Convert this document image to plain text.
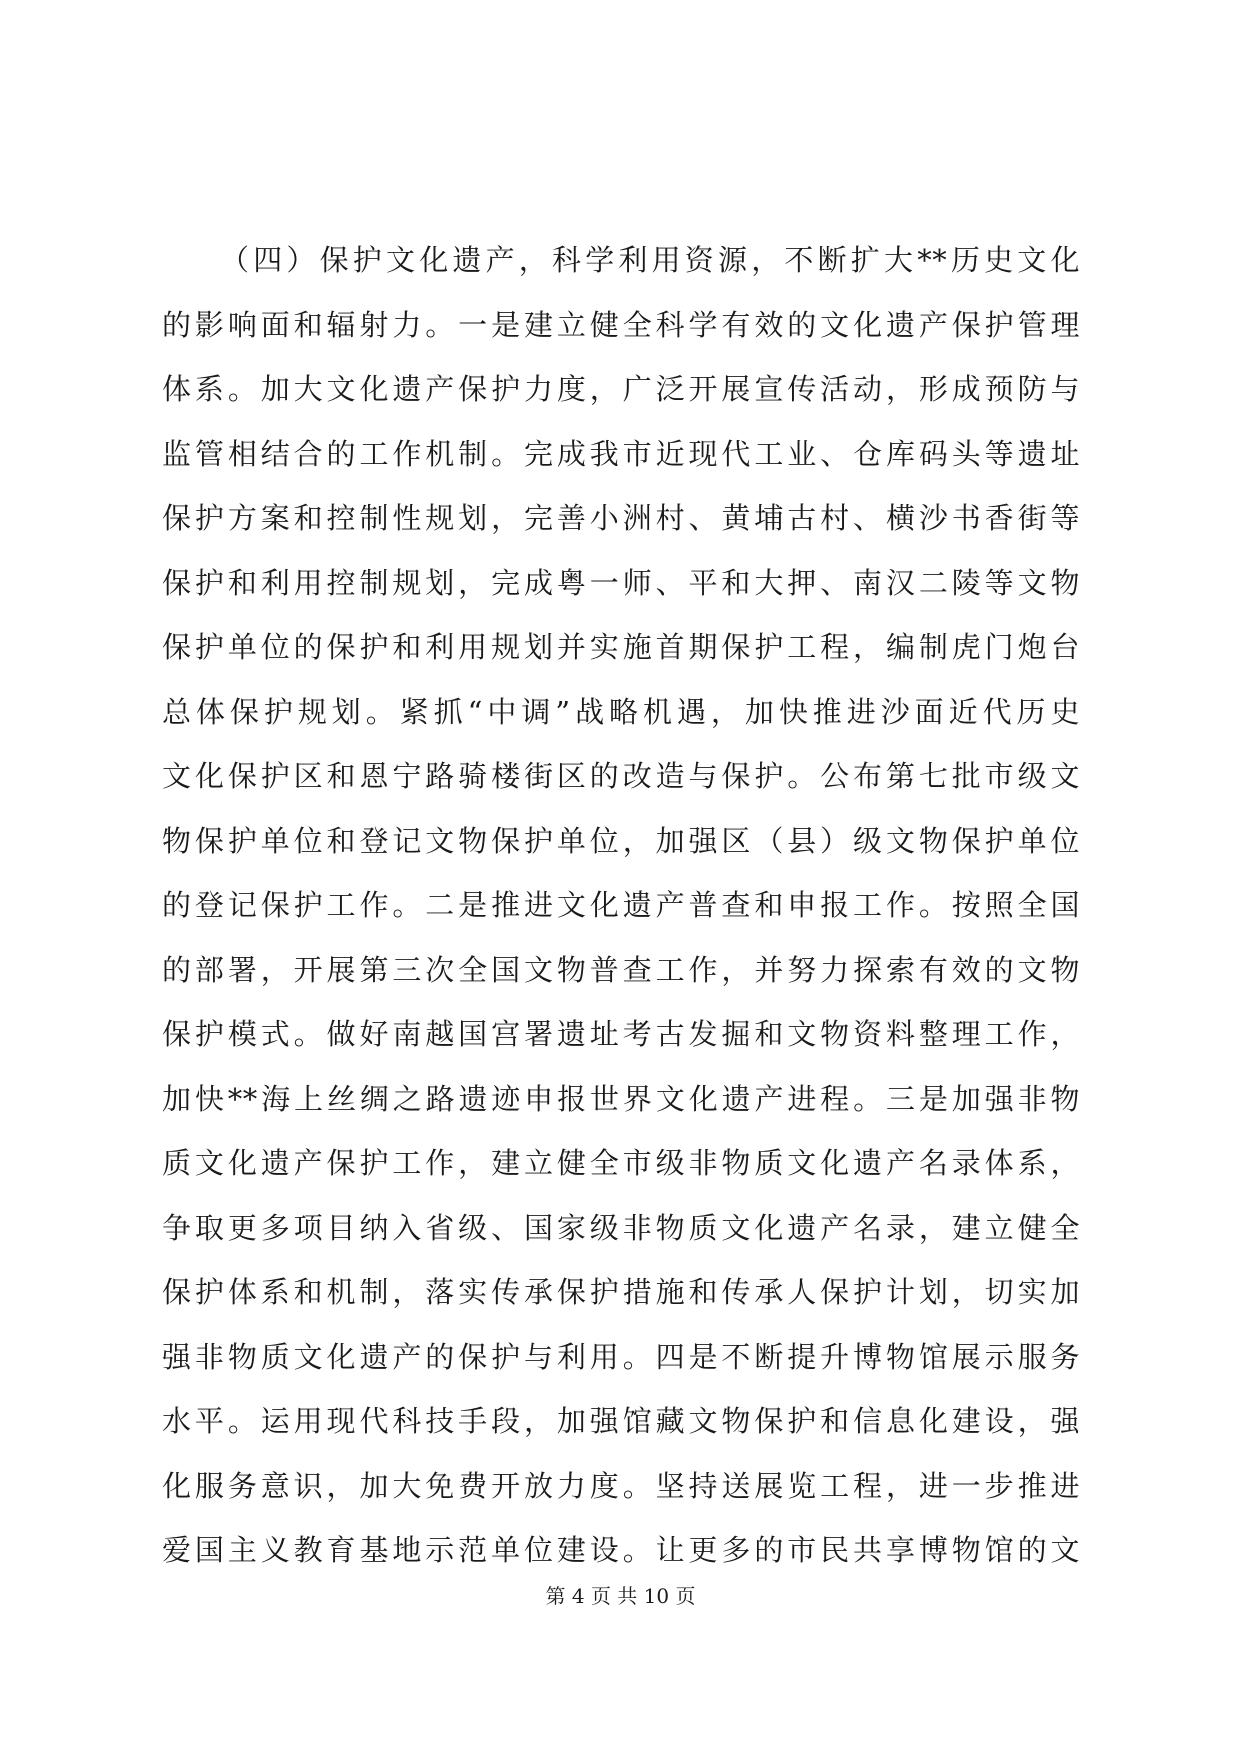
（四）保护文化遗产，科学利用资源，不断扩大**历史文化
的影响面和辐射力。一是建立健全科学有效的文化遗产保护管理
体系。加大文化遗产保护力度，广泛开展宣传活动，形成预防与
监管相结合的工作机制。完成我市近现代工业、仓库码头等遗址
保护方案和控制性规划，完善小洲村、黄埔古村、横沙书香街等
保护和利用控制规划，完成粤一师、平和大押、南汉二陵等文物
保护单位的保护和利用规划并实施首期保护工程，编制虎门炮台
总体保护规划。紧抓“中调”战略机遇，加快推进沙面近代历史
文化保护区和恩宁路骑楼街区的改造与保护。公布第七批市级文
物保护单位和登记文物保护单位，加强区（县）级文物保护单位
的登记保护工作。二是推进文化遗产普查和申报工作。按照全国
的部署，开展第三次全国文物普查工作，并努力探索有效的文物
保护模式。做好南越国宫署遗址考古发掘和文物资料整理工作，
加快**海上丝绸之路遗迹申报世界文化遗产进程。三是加强非物
质文化遗产保护工作，建立健全市级非物质文化遗产名录体系，
争取更多项目纳入省级、国家级非物质文化遗产名录，建立健全
保护体系和机制，落实传承保护措施和传承人保护计划，切实加
强非物质文化遗产的保护与利用。四是不断提升博物馆展示服务
水平。运用现代科技手段，加强馆藏文物保护和信息化建设，强
化服务意识，加大免费开放力度。坚持送展览工程，进一步推进
爱国主义教育基地示范单位建设。让更多的市民共享博物馆的文
第 4 页 共 10 页
